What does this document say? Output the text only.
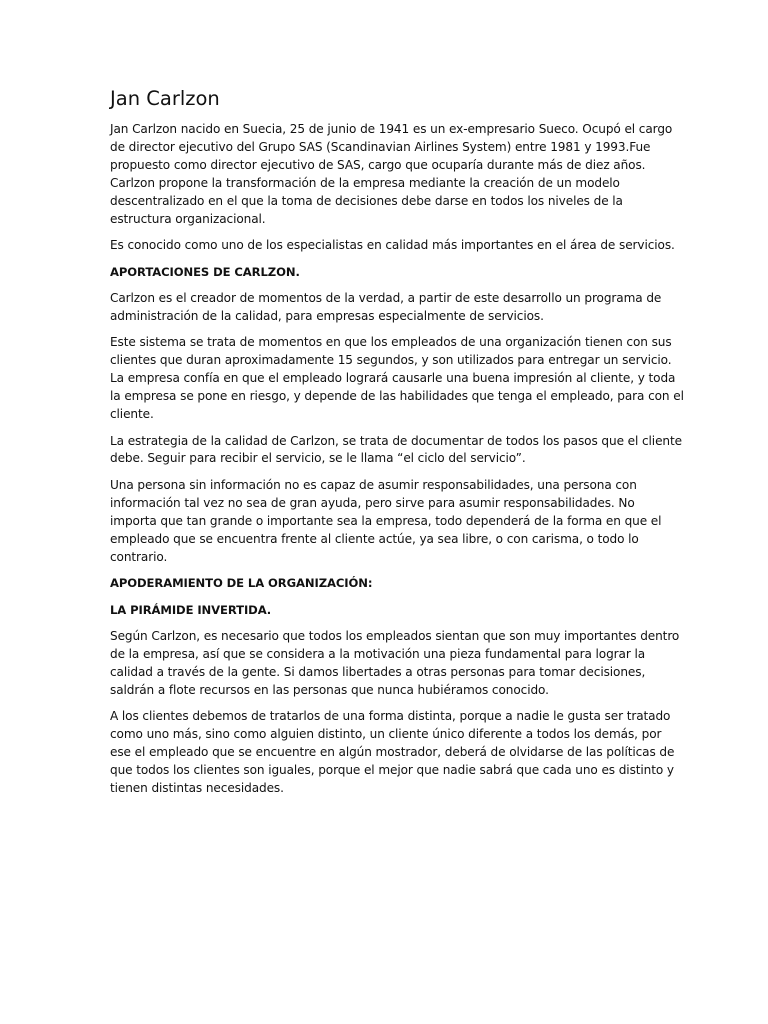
Jan Carlzon

Jan Carlzon nacido en Suecia, 25 de junio de 1941 es un ex-empresario Sueco. Ocupó el cargo
de director ejecutivo del Grupo SAS (Scandinavian Airlines System) entre 1981 y 1993.Fue
propuesto como director ejecutivo de SAS, cargo que ocuparía durante más de diez años.
Carlzon propone la transformación de la empresa mediante la creación de un modelo
descentralizado en el que la toma de decisiones debe darse en todos los niveles de la
estructura organizacional.

Es conocido como uno de los especialistas en calidad más importantes en el área de servicios.

APORTACIONES DE CARLZON.

Carlzon es el creador de momentos de la verdad, a partir de este desarrollo un programa de
administración de la calidad, para empresas especialmente de servicios.

Este sistema se trata de momentos en que los empleados de una organización tienen con sus
clientes que duran aproximadamente 15 segundos, y son utilizados para entregar un servicio.
La empresa confía en que el empleado logrará causarle una buena impresión al cliente, y toda
la empresa se pone en riesgo, y depende de las habilidades que tenga el empleado, para con el
cliente.

La estrategia de la calidad de Carlzon, se trata de documentar de todos los pasos que el cliente
debe. Seguir para recibir el servicio, se le llama “el ciclo del servicio”.

Una persona sin información no es capaz de asumir responsabilidades, una persona con
información tal vez no sea de gran ayuda, pero sirve para asumir responsabilidades. No
importa que tan grande o importante sea la empresa, todo dependerá de la forma en que el
empleado que se encuentra frente al cliente actúe, ya sea libre, o con carisma, o todo lo
contrario.

APODERAMIENTO DE LA ORGANIZACIÓN:

LA PIRÁMIDE INVERTIDA.

Según Carlzon, es necesario que todos los empleados sientan que son muy importantes dentro
de la empresa, así que se considera a la motivación una pieza fundamental para lograr la
calidad a través de la gente. Si damos libertades a otras personas para tomar decisiones,
saldrán a flote recursos en las personas que nunca hubiéramos conocido.

A los clientes debemos de tratarlos de una forma distinta, porque a nadie le gusta ser tratado
como uno más, sino como alguien distinto, un cliente único diferente a todos los demás, por
ese el empleado que se encuentre en algún mostrador, deberá de olvidarse de las políticas de
que todos los clientes son iguales, porque el mejor que nadie sabrá que cada uno es distinto y
tienen distintas necesidades.
